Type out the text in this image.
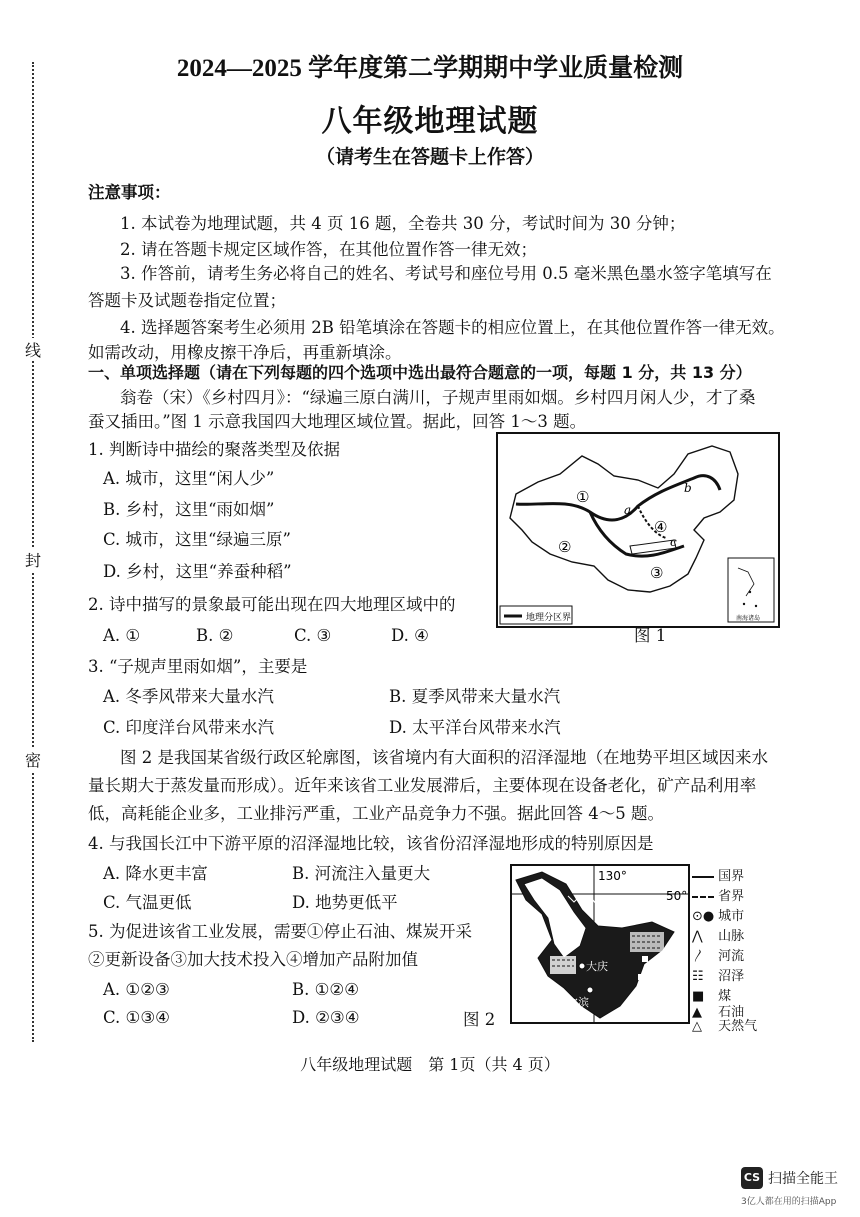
2024—2025 学年度第二学期期中学业质量检测
八年级地理试题
（请考生在答题卡上作答）
线
封
密
注意事项：
1. 本试卷为地理试题，共 4 页 16 题，全卷共 30 分，考试时间为 30 分钟；
2. 请在答题卡规定区域作答，在其他位置作答一律无效；
3. 作答前，请考生务必将自己的姓名、考试号和座位号用 0.5 毫米黑色墨水签字笔填写在
答题卡及试题卷指定位置；
4. 选择题答案考生必须用 2B 铅笔填涂在答题卡的相应位置上，在其他位置作答一律无效。
如需改动，用橡皮擦干净后，再重新填涂。
一、单项选择题（请在下列每题的四个选项中选出最符合题意的一项，每题 1 分，共 13 分）
翁卷（宋）《乡村四月》：“绿遍三原白满川，子规声里雨如烟。乡村四月闲人少，才了桑
蚕又插田。”图 1 示意我国四大地理区域位置。据此，回答 1～3 题。
1. 判断诗中描绘的聚落类型及依据
A. 城市，这里“闲人少”
B. 乡村，这里“雨如烟”
C. 城市，这里“绿遍三原”
D. 乡村，这里“养蚕种稻”
2. 诗中描写的景象最可能出现在四大地理区域中的
A. ①	B. ②	C. ③	D. ④
①
②
③
④
a
b
c
南海诸岛
地理分区界
图 1
3. “子规声里雨如烟”，主要是
A. 冬季风带来大量水汽	B. 夏季风带来大量水汽
C. 印度洋台风带来水汽	D. 太平洋台风带来水汽
图 2 是我国某省级行政区轮廓图，该省境内有大面积的沼泽湿地（在地势平坦区域因来水
量长期大于蒸发量而形成）。近年来该省工业发展滞后，主要体现在设备老化，矿产品利用率
低，高耗能企业多，工业排污严重，工业产品竞争力不强。据此回答 4～5 题。
4. 与我国长江中下游平原的沼泽湿地比较，该省份沼泽湿地形成的特别原因是
A. 降水更丰富	B. 河流注入量更大
C. 气温更低	D. 地势更低平
5. 为促进该省工业发展，需要①停止石油、煤炭开采
②更新设备③加大技术投入④增加产品附加值
A. ①②③	B. ①②④
C. ①③④	D. ②③④	图 2
130°
50°
大庆
哈尔滨
国界
省界
⊙● 城市
⋀ 山脉
〳 河流
☷ 沼泽
■ 煤
▲ 石油
△ 天然气
八年级地理试题　第 1页（共 4 页）
CS 扫描全能王
3亿人都在用的扫描App
